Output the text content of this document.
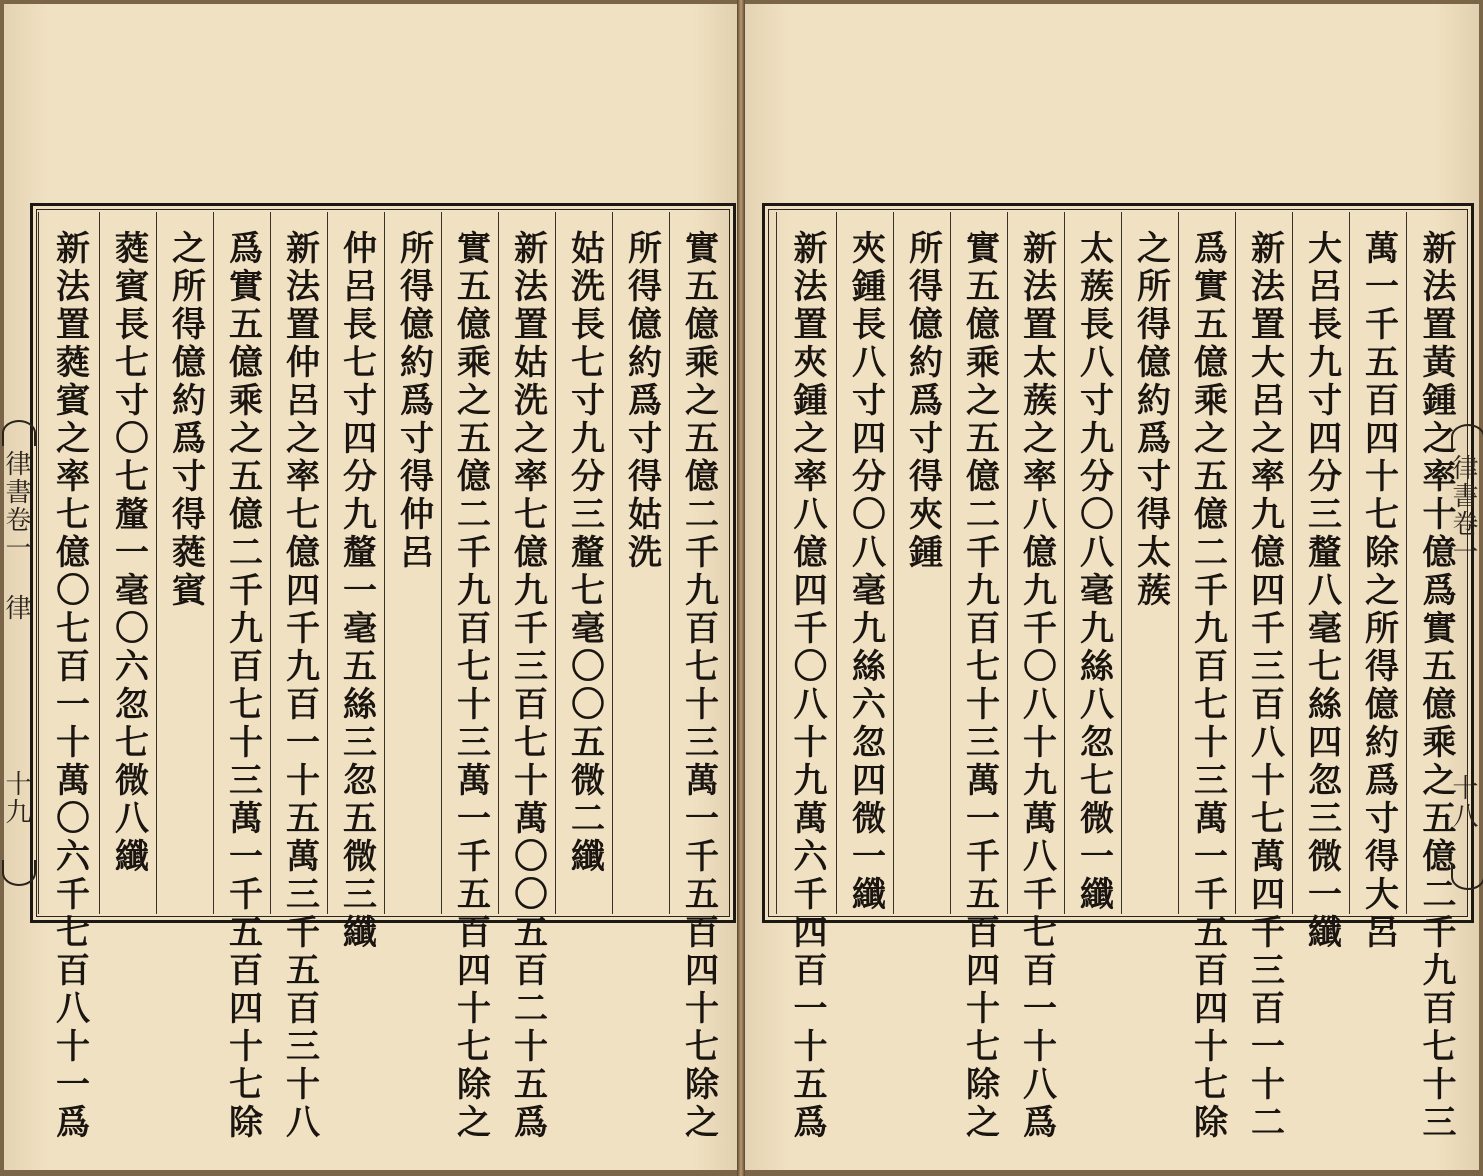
實五億乘之五億二千九百七十三萬一千五百四十七除之
所得億約爲寸得姑洗
姑洗長七寸九分三釐七毫〇〇五微二纖
新法置姑洗之率七億九千三百七十萬〇〇五百二十五爲
實五億乘之五億二千九百七十三萬一千五百四十七除之
所得億約爲寸得仲呂
仲呂長七寸四分九釐一毫五絲三忽五微三纖
新法置仲呂之率七億四千九百一十五萬三千五百三十八
爲實五億乘之五億二千九百七十三萬一千五百四十七除
之所得億約爲寸得蕤賓
蕤賓長七寸〇七釐一毫〇六忽七微八纖
新法置蕤賓之率七億〇七百一十萬〇六千七百八十一爲	新法置黃鍾之率十億爲實五億乘之五億二千九百七十三
萬一千五百四十七除之所得億約爲寸得大呂
大呂長九寸四分三釐八毫七絲四忽三微一纖
新法置大呂之率九億四千三百八十七萬四千三百一十二
爲實五億乘之五億二千九百七十三萬一千五百四十七除
之所得億約爲寸得太蔟
太蔟長八寸九分〇八毫九絲八忽七微一纖
新法置太蔟之率八億九千〇八十九萬八千七百一十八爲
實五億乘之五億二千九百七十三萬一千五百四十七除之
所得億約爲寸得夾鍾
夾鍾長八寸四分〇八毫九絲六忽四微一纖
新法置夾鍾之率八億四千〇八十九萬六千四百一十五爲	律書卷一
十八
律書卷一 律
十九
